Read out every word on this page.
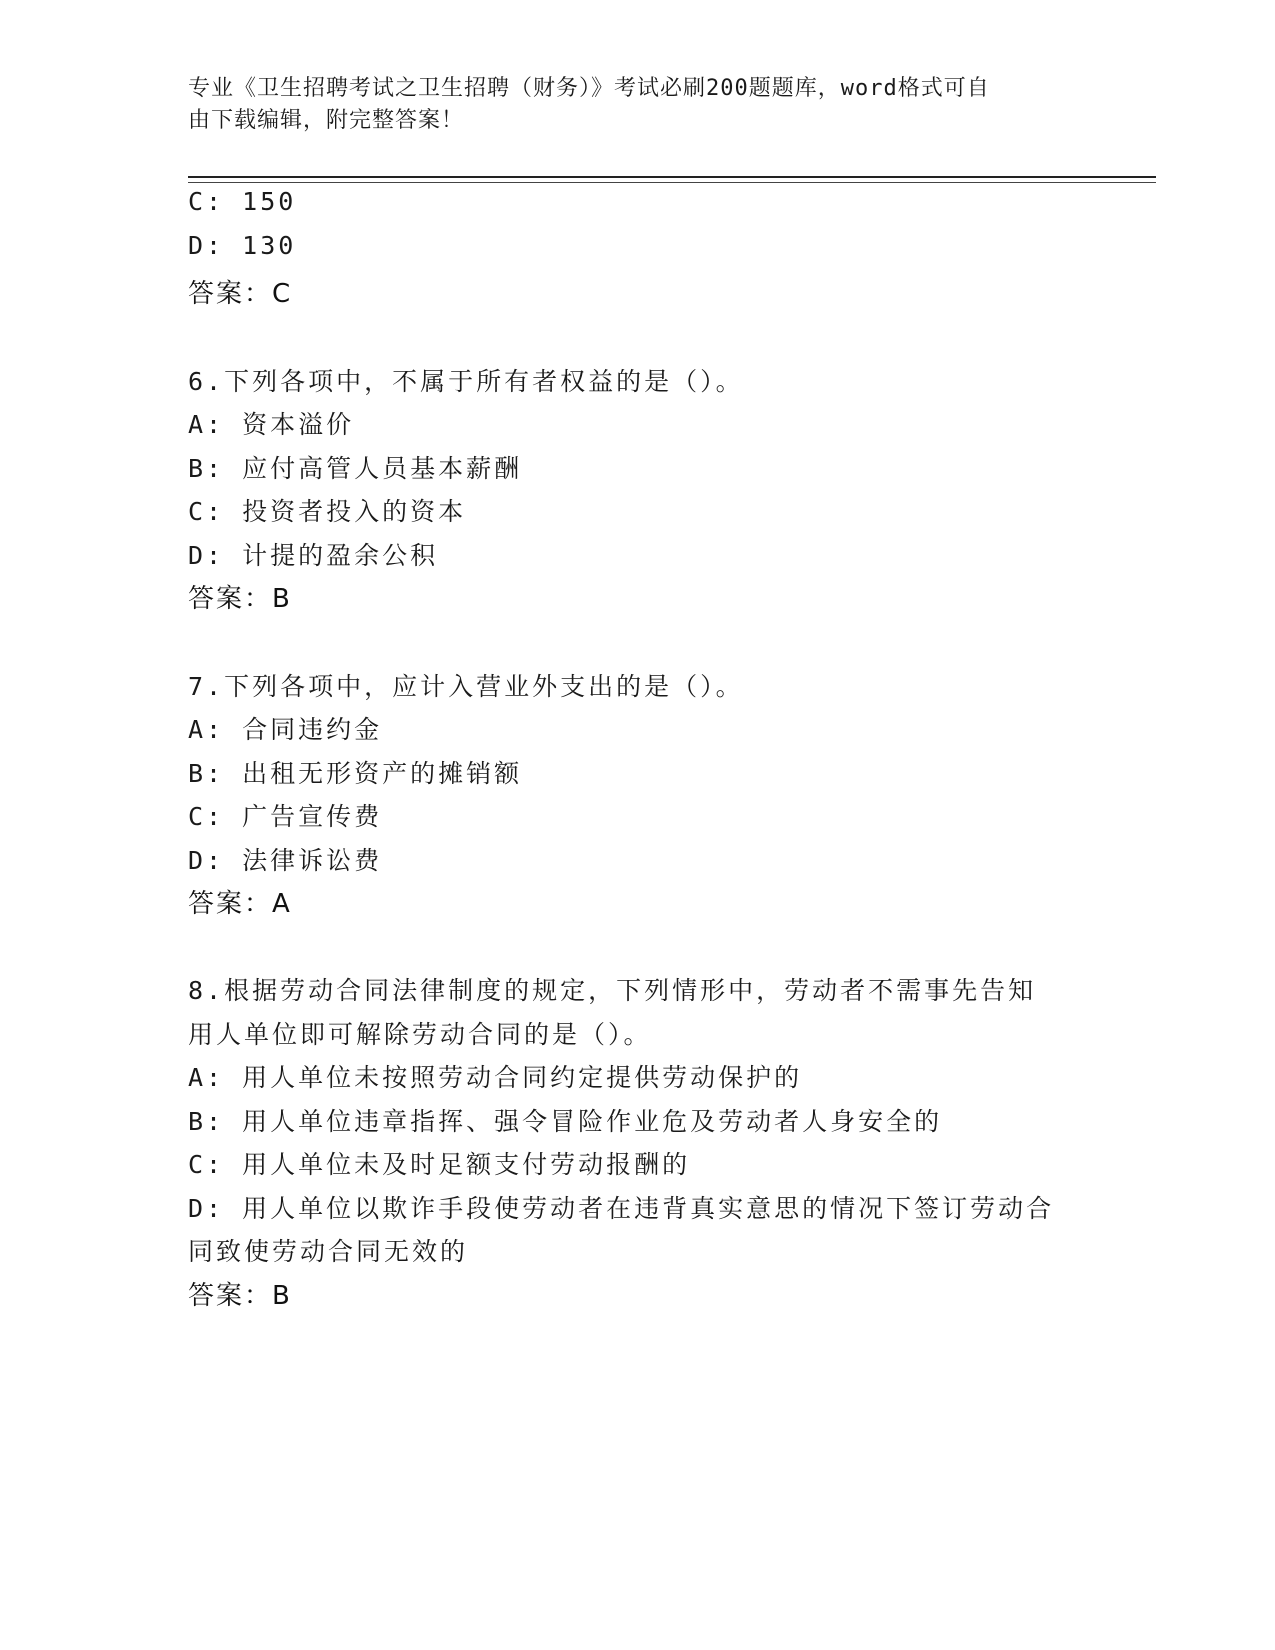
专业《卫生招聘考试之卫生招聘（财务）》考试必刷200题题库，word格式可自
由下载编辑，附完整答案！
C: 150
D: 130
答案：C
6.下列各项中，不属于所有者权益的是（）。
A: 资本溢价
B: 应付高管人员基本薪酬
C: 投资者投入的资本
D: 计提的盈余公积
答案：B
7.下列各项中，应计入营业外支出的是（）。
A: 合同违约金
B: 出租无形资产的摊销额
C: 广告宣传费
D: 法律诉讼费
答案：A
8.根据劳动合同法律制度的规定，下列情形中，劳动者不需事先告知
用人单位即可解除劳动合同的是（）。
A: 用人单位未按照劳动合同约定提供劳动保护的
B: 用人单位违章指挥、强令冒险作业危及劳动者人身安全的
C: 用人单位未及时足额支付劳动报酬的
D: 用人单位以欺诈手段使劳动者在违背真实意思的情况下签订劳动合
同致使劳动合同无效的
答案：B
